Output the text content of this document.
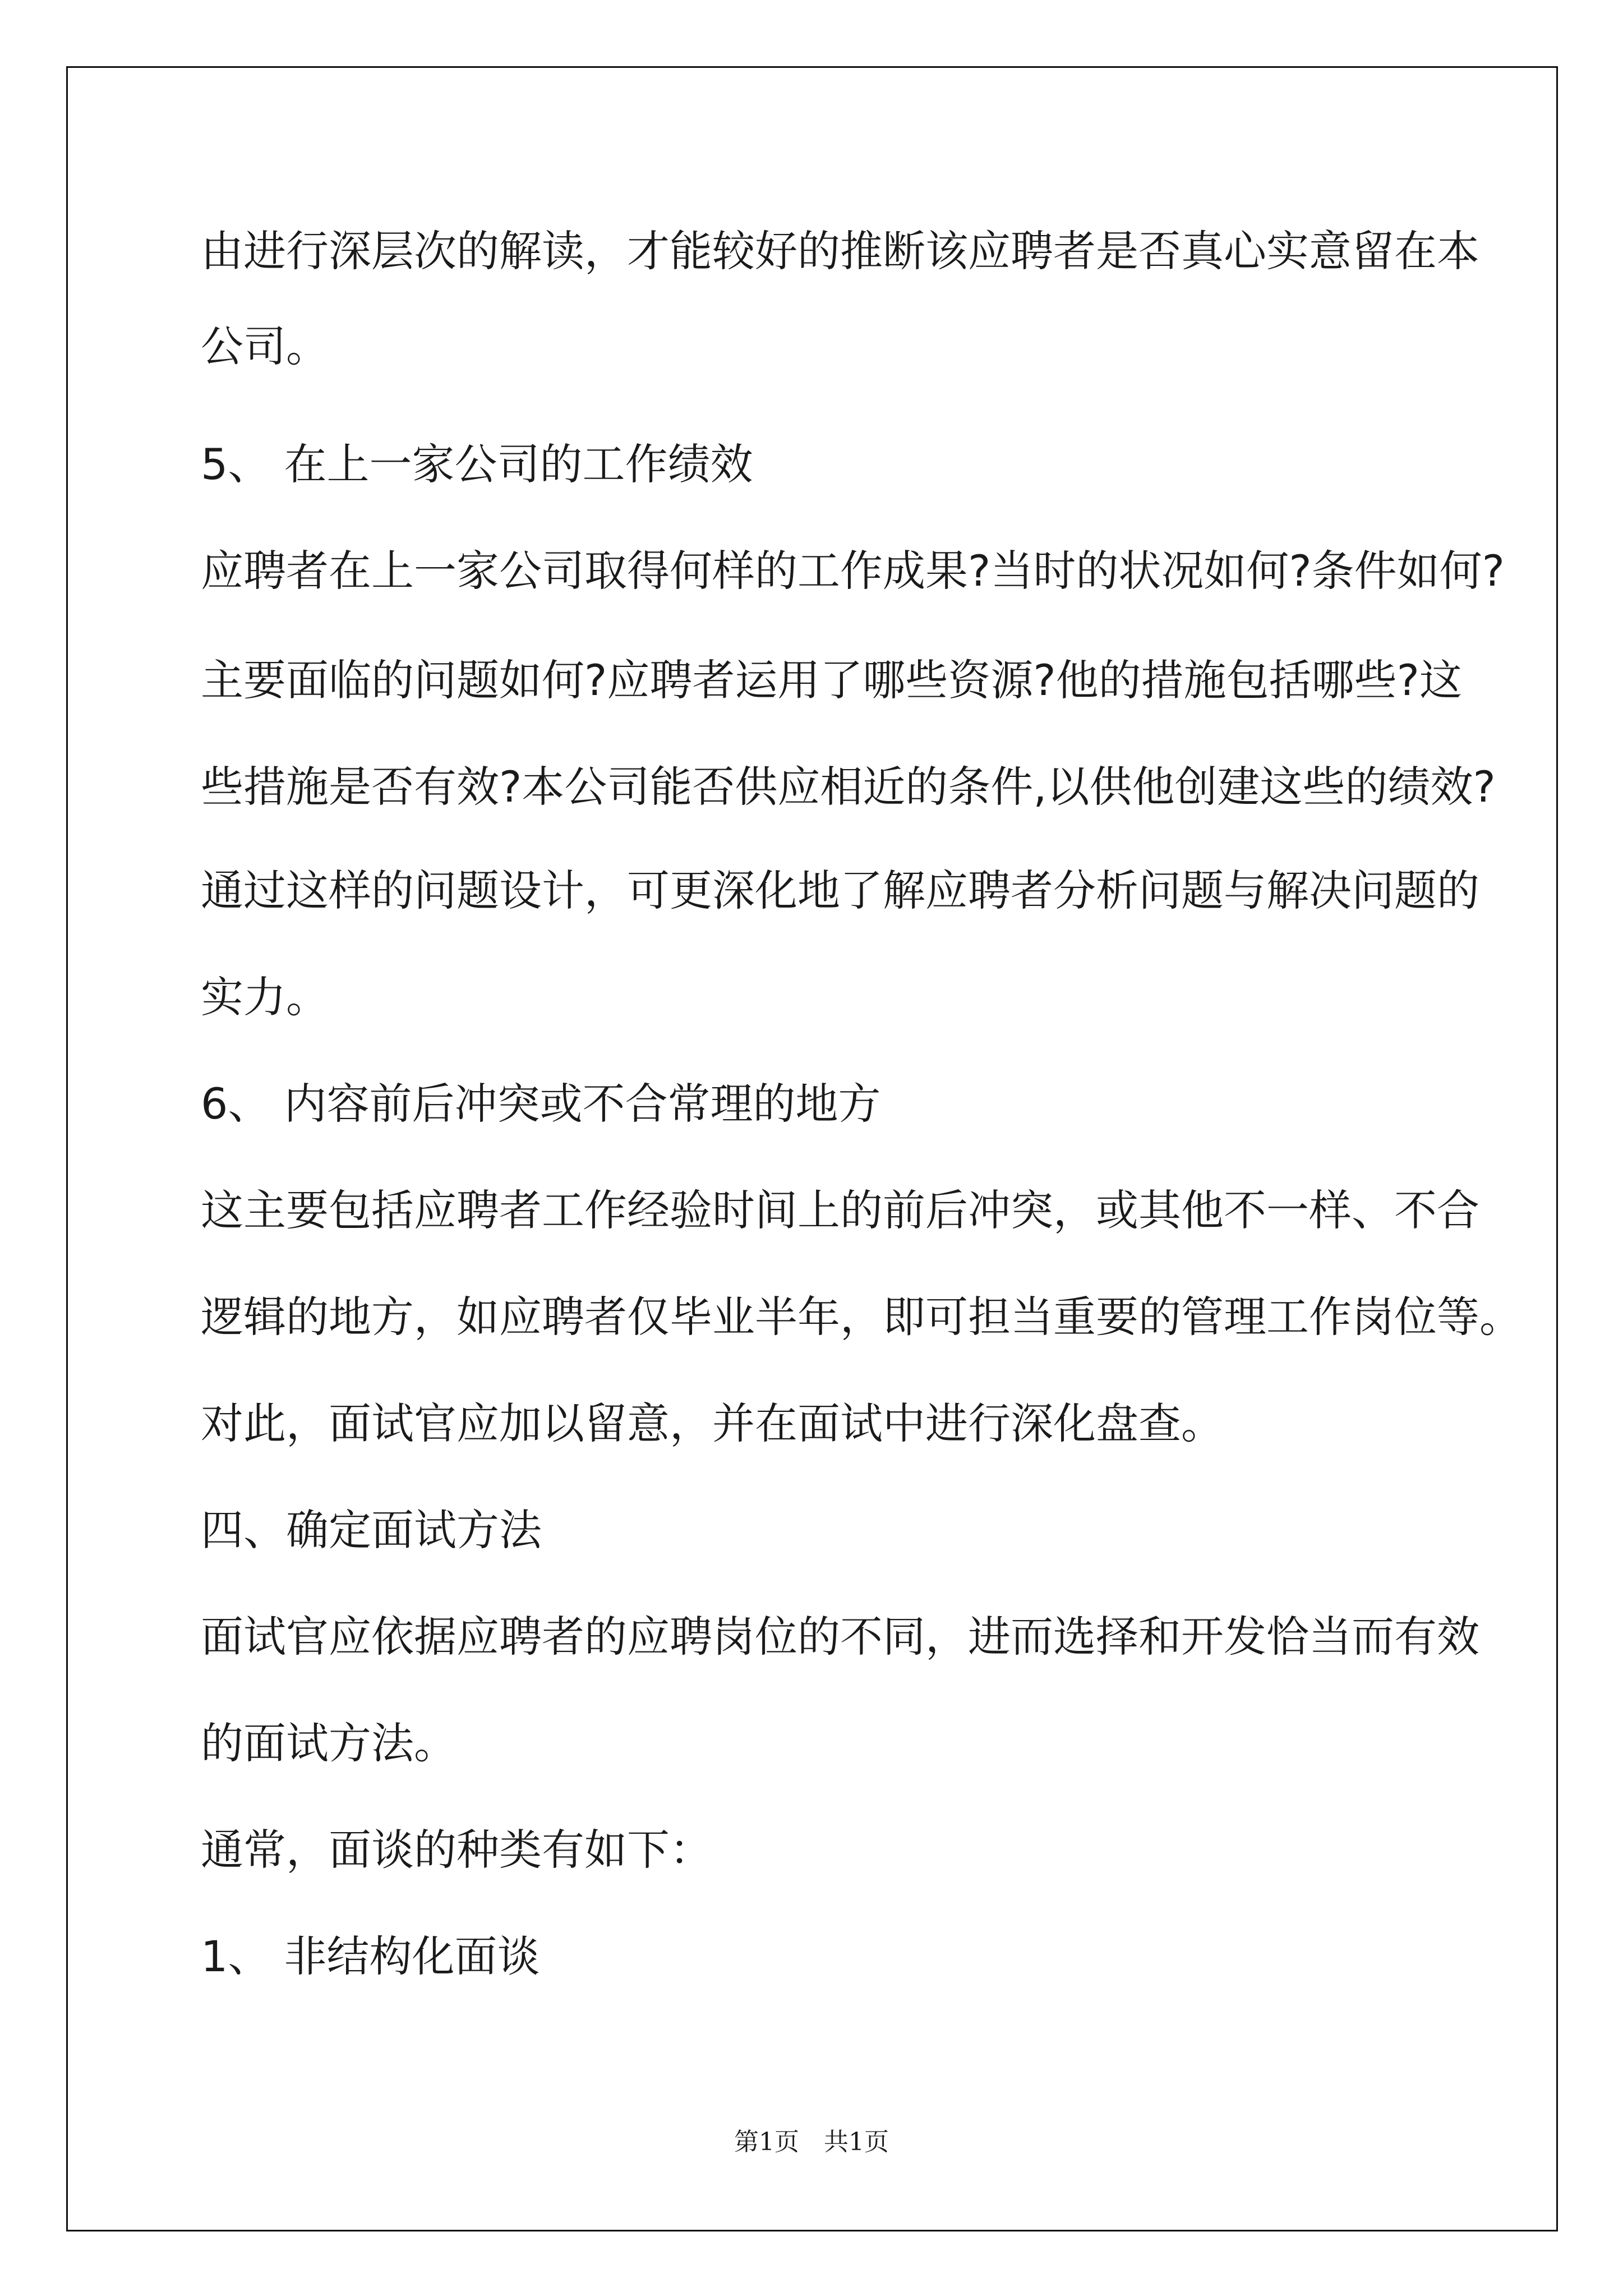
由进行深层次的解读，才能较好的推断该应聘者是否真心实意留在本
公司。
5、 在上一家公司的工作绩效
应聘者在上一家公司取得何样的工作成果?当时的状况如何?条件如何?
主要面临的问题如何?应聘者运用了哪些资源?他的措施包括哪些?这
些措施是否有效?本公司能否供应相近的条件,以供他创建这些的绩效?
通过这样的问题设计，可更深化地了解应聘者分析问题与解决问题的
实力。
6、 内容前后冲突或不合常理的地方
这主要包括应聘者工作经验时间上的前后冲突，或其他不一样、不合
逻辑的地方，如应聘者仅毕业半年，即可担当重要的管理工作岗位等。
对此，面试官应加以留意，并在面试中进行深化盘查。
四、确定面试方法
面试官应依据应聘者的应聘岗位的不同，进而选择和开发恰当而有效
的面试方法。
通常，面谈的种类有如下：
1、 非结构化面谈
第1页　共1页
